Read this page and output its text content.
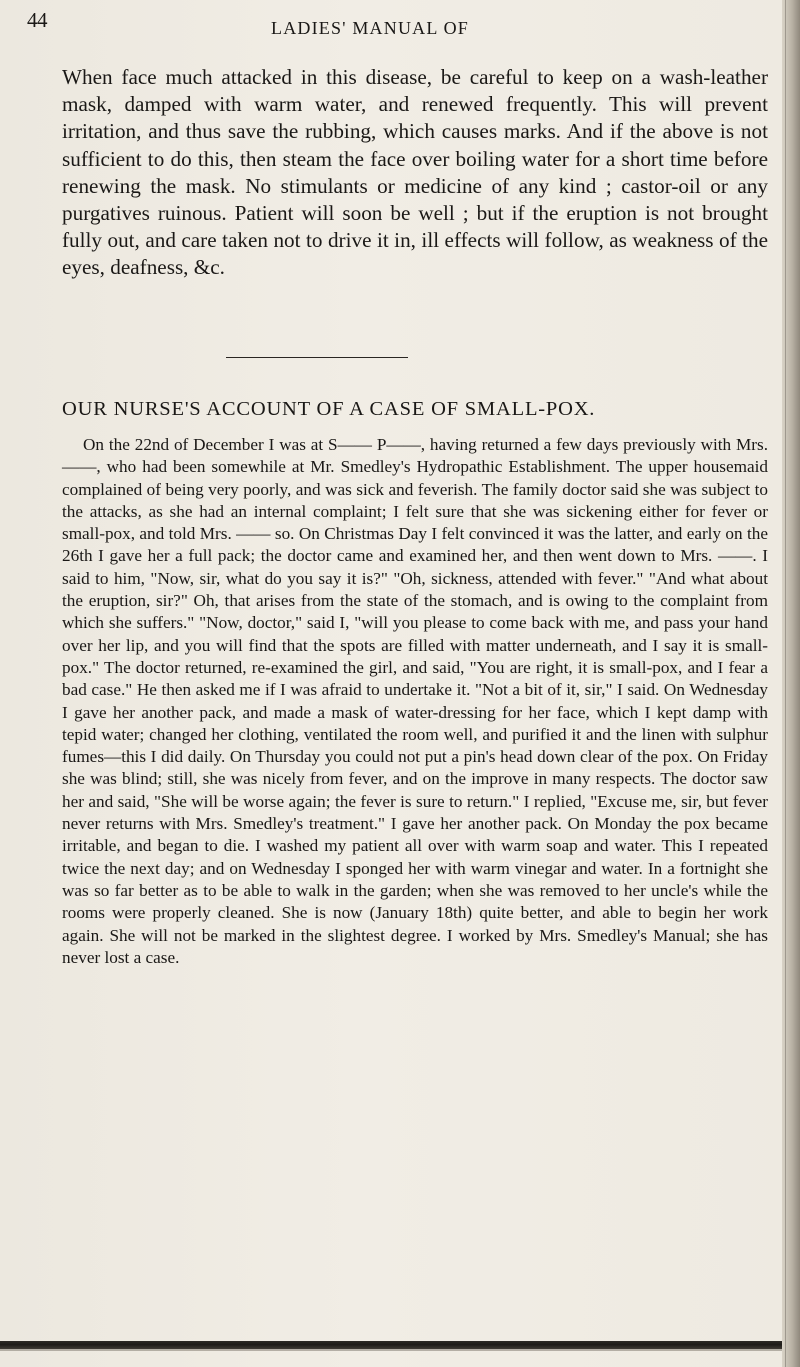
44	LADIES' MANUAL OF

When face much attacked in this disease, be careful to keep on a wash-leather mask, damped with warm water, and renewed frequently. This will prevent irritation, and thus save the rubbing, which causes marks. And if the above is not sufficient to do this, then steam the face over boiling water for a short time before renewing the mask. No stimulants or medicine of any kind ; castor-oil or any purgatives ruinous. Patient will soon be well ; but if the eruption is not brought fully out, and care taken not to drive it in, ill effects will follow, as weakness of the eyes, deafness, &c.

OUR NURSE'S ACCOUNT OF A CASE OF SMALL-POX.

On the 22nd of December I was at S—— P——, having returned a few days previously with Mrs. ——, who had been somewhile at Mr. Smedley's Hydropathic Establishment. The upper housemaid complained of being very poorly, and was sick and feverish. The family doctor said she was subject to the attacks, as she had an internal complaint; I felt sure that she was sickening either for fever or small-pox, and told Mrs. —— so. On Christmas Day I felt convinced it was the latter, and early on the 26th I gave her a full pack; the doctor came and examined her, and then went down to Mrs. ——. I said to him, "Now, sir, what do you say it is?" "Oh, sickness, attended with fever." "And what about the eruption, sir?" Oh, that arises from the state of the stomach, and is owing to the complaint from which she suffers." "Now, doctor," said I, "will you please to come back with me, and pass your hand over her lip, and you will find that the spots are filled with matter underneath, and I say it is small-pox." The doctor returned, re-examined the girl, and said, "You are right, it is small-pox, and I fear a bad case." He then asked me if I was afraid to undertake it. "Not a bit of it, sir," I said. On Wednesday I gave her another pack, and made a mask of water-dressing for her face, which I kept damp with tepid water; changed her clothing, ventilated the room well, and purified it and the linen with sulphur fumes—this I did daily. On Thursday you could not put a pin's head down clear of the pox. On Friday she was blind; still, she was nicely from fever, and on the improve in many respects. The doctor saw her and said, "She will be worse again; the fever is sure to return." I replied, "Excuse me, sir, but fever never returns with Mrs. Smedley's treatment." I gave her another pack. On Monday the pox became irritable, and began to die. I washed my patient all over with warm soap and water. This I repeated twice the next day; and on Wednesday I sponged her with warm vinegar and water. In a fortnight she was so far better as to be able to walk in the garden; when she was removed to her uncle's while the rooms were properly cleaned. She is now (January 18th) quite better, and able to begin her work again. She will not be marked in the slightest degree. I worked by Mrs. Smedley's Manual; she has never lost a case.
